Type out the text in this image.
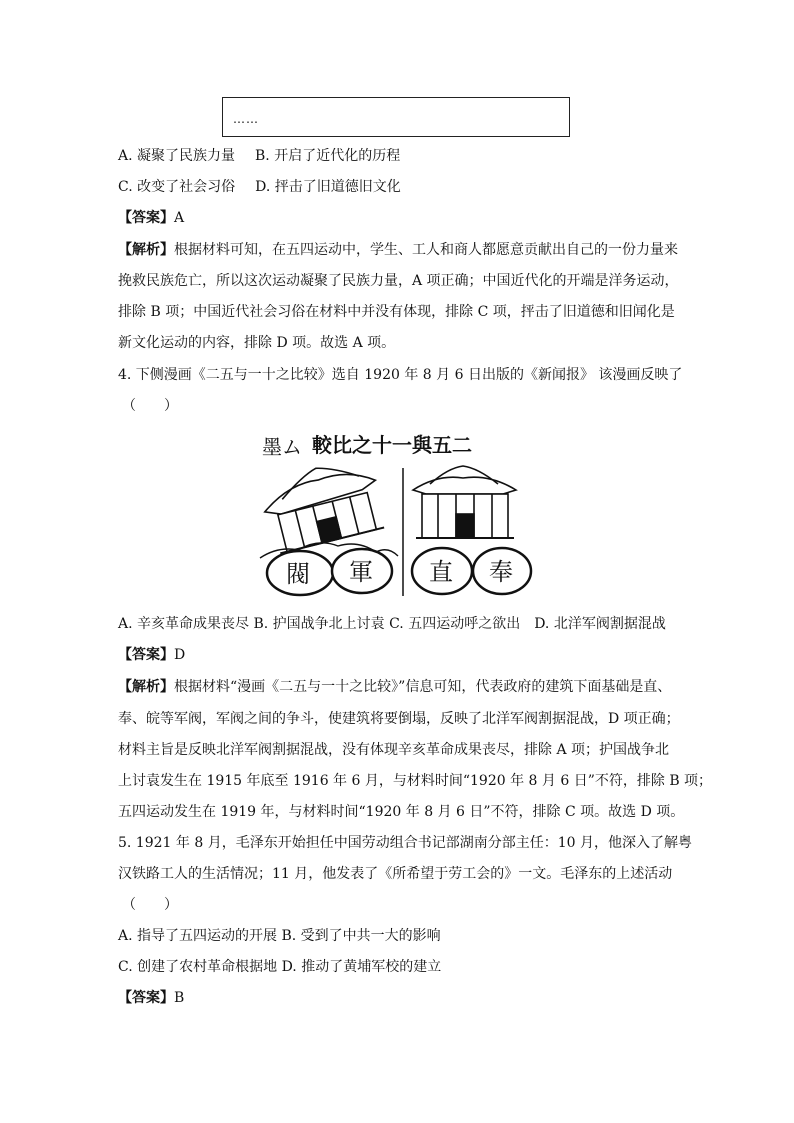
……
A. 凝聚了民族力量 B. 开启了近代化的历程
C. 改变了社会习俗 D. 抨击了旧道德旧文化
【答案】A
【解析】根据材料可知，在五四运动中，学生、工人和商人都愿意贡献出自己的一份力量来
挽救民族危亡，所以这次运动凝聚了民族力量，A 项正确；中国近代化的开端是洋务运动，
排除 B 项；中国近代社会习俗在材料中并没有体现，排除 C 项，抨击了旧道德和旧闻化是
新文化运动的内容，排除 D 项。故选 A 项。
4. 下侧漫画《二五与一十之比较》选自 1920 年 8 月 6 日出版的《新闻报》 该漫画反映了
（　　）
墨ム 較比之十一與五二
閥 軍 直 奉
A. 辛亥革命成果丧尽 B. 护国战争北上讨袁 C. 五四运动呼之欲出　D. 北洋军阀割据混战
【答案】D
【解析】根据材料“漫画《二五与一十之比较》”信息可知，代表政府的建筑下面基础是直、
奉、皖等军阀，军阀之间的争斗，使建筑将要倒塌，反映了北洋军阀割据混战，D 项正确；
材料主旨是反映北洋军阀割据混战，没有体现辛亥革命成果丧尽，排除 A 项；护国战争北
上讨袁发生在 1915 年底至 1916 年 6 月，与材料时间“1920 年 8 月 6 日”不符，排除 B 项；
五四运动发生在 1919 年，与材料时间“1920 年 8 月 6 日”不符，排除 C 项。故选 D 项。
5. 1921 年 8 月，毛泽东开始担任中国劳动组合书记部湖南分部主任：10 月，他深入了解粤
汉铁路工人的生活情况；11 月，他发表了《所希望于劳工会的》一文。毛泽东的上述活动
（　　）
A. 指导了五四运动的开展 B. 受到了中共一大的影响
C. 创建了农村革命根据地 D. 推动了黄埔军校的建立
【答案】B
